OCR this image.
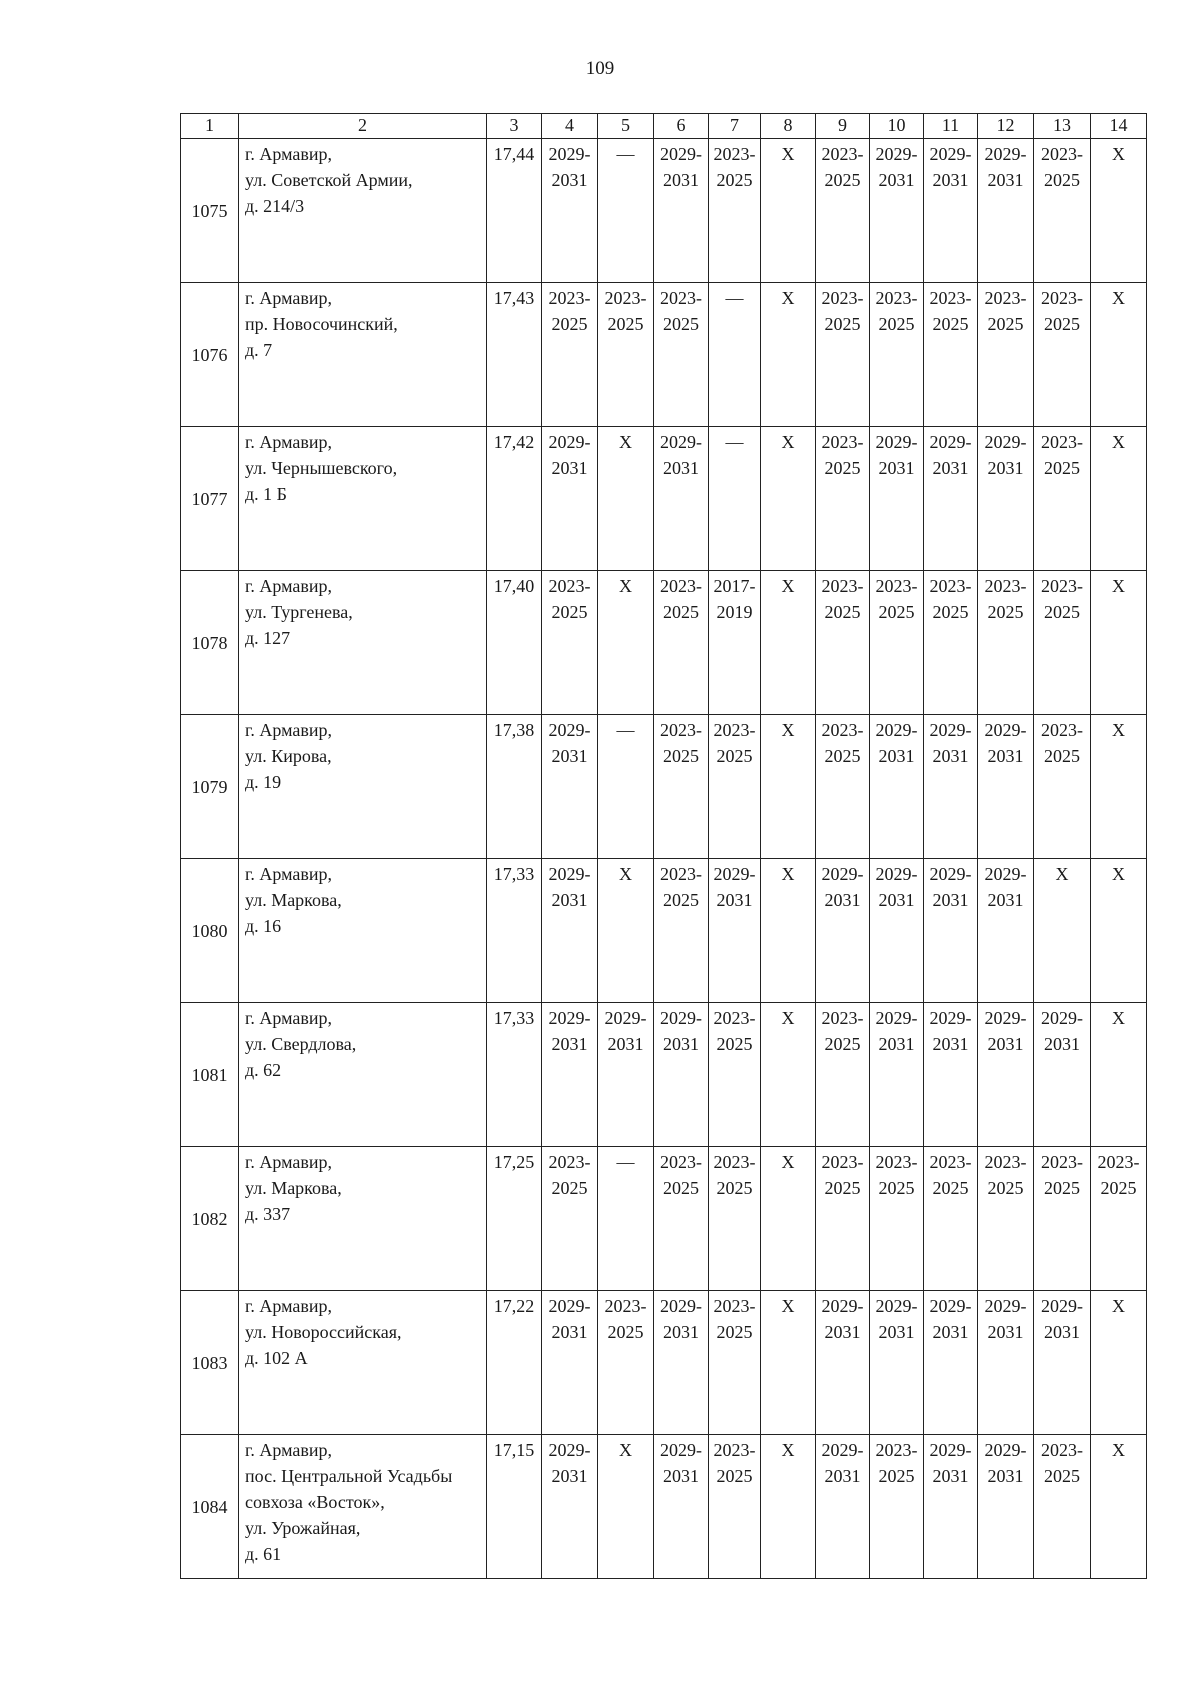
109
1	2	3	4	5	6	7	8	9	10	11	12	13	14
1075	г. Армавир,
ул. Советской Армии,
д. 214/3	17,44	2029-
2031	—	2029-
2031	2023-
2025	X	2023-
2025	2029-
2031	2029-
2031	2029-
2031	2023-
2025	X

1076	г. Армавир,
пр. Новосочинский,
д. 7	17,43	2023-
2025	2023-
2025	2023-
2025	—	X	2023-
2025	2023-
2025	2023-
2025	2023-
2025	2023-
2025	X

1077	г. Армавир,
ул. Чернышевского,
д. 1 Б	17,42	2029-
2031	X	2029-
2031	—	X	2023-
2025	2029-
2031	2029-
2031	2029-
2031	2023-
2025	X

1078	г. Армавир,
ул. Тургенева,
д. 127	17,40	2023-
2025	X	2023-
2025	2017-
2019	X	2023-
2025	2023-
2025	2023-
2025	2023-
2025	2023-
2025	X

1079	г. Армавир,
ул. Кирова,
д. 19	17,38	2029-
2031	—	2023-
2025	2023-
2025	X	2023-
2025	2029-
2031	2029-
2031	2029-
2031	2023-
2025	X

1080	г. Армавир,
ул. Маркова,
д. 16	17,33	2029-
2031	X	2023-
2025	2029-
2031	X	2029-
2031	2029-
2031	2029-
2031	2029-
2031	X	X

1081	г. Армавир,
ул. Свердлова,
д. 62	17,33	2029-
2031	2029-
2031	2029-
2031	2023-
2025	X	2023-
2025	2029-
2031	2029-
2031	2029-
2031	2029-
2031	X

1082	г. Армавир,
ул. Маркова,
д. 337	17,25	2023-
2025	—	2023-
2025	2023-
2025	X	2023-
2025	2023-
2025	2023-
2025	2023-
2025	2023-
2025	2023-
2025

1083	г. Армавир,
ул. Новороссийская,
д. 102 А	17,22	2029-
2031	2023-
2025	2029-
2031	2023-
2025	X	2029-
2031	2029-
2031	2029-
2031	2029-
2031	2029-
2031	X

1084	г. Армавир,
пос. Центральной Усадьбы
совхоза «Восток»,
ул. Урожайная,
д. 61	17,15	2029-
2031	X	2029-
2031	2023-
2025	X	2029-
2031	2023-
2025	2029-
2031	2029-
2031	2023-
2025	X
